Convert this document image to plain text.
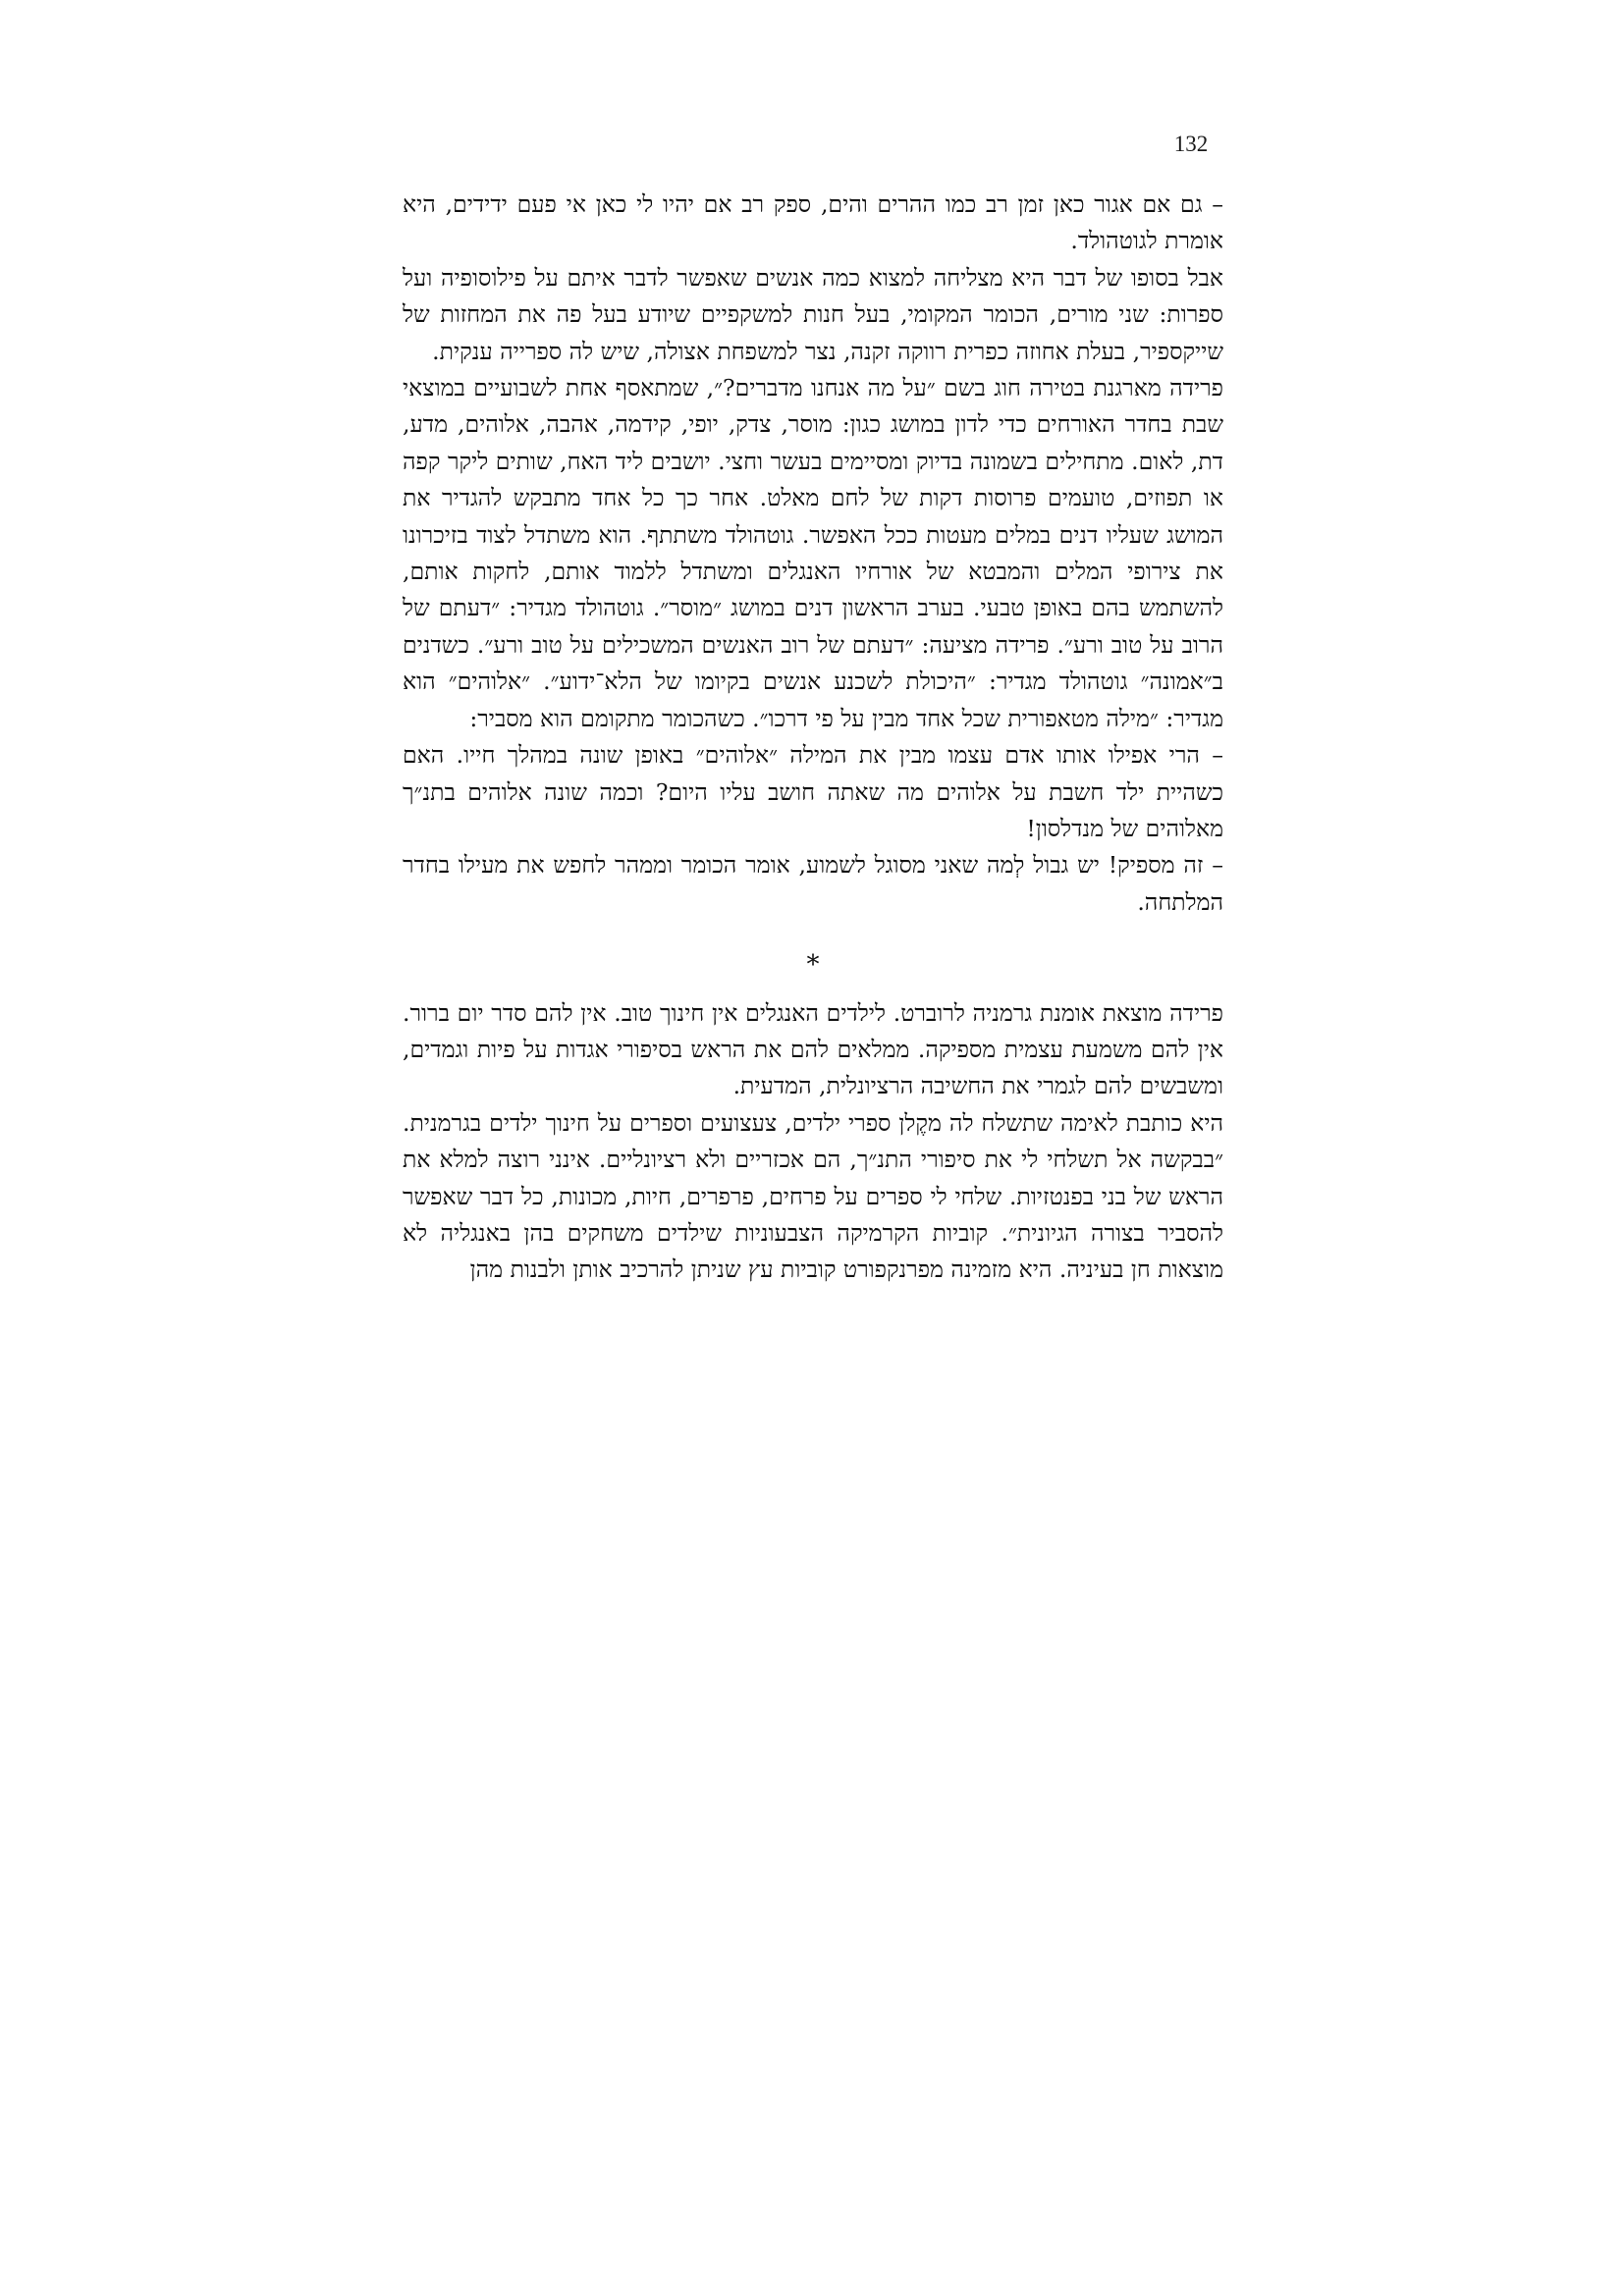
132

– גם אם אגור כאן זמן רב כמו ההרים והים, ספק רב אם יהיו לי כאן אי פעם ידידים, היא אומרת לגוטהולד.

אבל בסופו של דבר היא מצליחה למצוא כמה אנשים שאפשר לדבר איתם על פילוסופיה ועל ספרות: שני מורים, הכומר המקומי, בעל חנות למשקפיים שיודע בעל פה את המחזות של שייקספיר, בעלת אחוזה כפרית רווקה זקנה, נצר למשפחת אצולה, שיש לה ספרייה ענקית.

פרידה מארגנת בטירה חוג בשם ״על מה אנחנו מדברים?״, שמתאסף אחת לשבועיים במוצאי שבת בחדר האורחים כדי לדון במושג כגון: מוסר, צדק, יופי, קידמה, אהבה, אלוהים, מדע, דת, לאום. מתחילים בשמונה בדיוק ומסיימים בעשר וחצי. יושבים ליד האח, שותים ליקר קפה או תפוזים, טועמים פרוסות דקות של לחם מאלט. אחר כך כל אחד מתבקש להגדיר את המושג שעליו דנים במלים מעטות ככל האפשר. גוטהולד משתתף. הוא משתדל לצוד בזיכרונו את צירופי המלים והמבטא של אורחיו האנגלים ומשתדל ללמוד אותם, לחקות אותם, להשתמש בהם באופן טבעי. בערב הראשון דנים במושג ״מוסר״. גוטהולד מגדיר: ״דעתם של הרוב על טוב ורע״. פרידה מציעה: ״דעתם של רוב האנשים המשכילים על טוב ורע״. כשדנים ב״אמונה״ גוטהולד מגדיר: ״היכולת לשכנע אנשים בקיומו של הלא־ידוע״. ״אלוהים״ הוא מגדיר: ״מילה מטאפורית שכל אחד מבין על פי דרכו״. כשהכומר מתקומם הוא מסביר:

– הרי אפילו אותו אדם עצמו מבין את המילה ״אלוהים״ באופן שונה במהלך חייו. האם כשהיית ילד חשבת על אלוהים מה שאתה חושב עליו היום? וכמה שונה אלוהים בתנ״ך מאלוהים של מנדלסון!

– זה מספיק! יש גבול לְמה שאני מסוגל לשמוע, אומר הכומר וממהר לחפש את מעילו בחדר המלתחה.

*

פרידה מוצאת אומנת גרמניה לרוברט. לילדים האנגלים אין חינוך טוב. אין להם סדר יום ברור. אין להם משמעת עצמית מספיקה. ממלאים להם את הראש בסיפורי אגדות על פיות וגמדים, ומשבשים להם לגמרי את החשיבה הרציונלית, המדעית.

היא כותבת לאימה שתשלח לה מקֶלן ספרי ילדים, צעצועים וספרים על חינוך ילדים בגרמנית. ״בבקשה אל תשלחי לי את סיפורי התנ״ך, הם אכזריים ולא רציונליים. אינני רוצה למלא את הראש של בני בפנטזיות. שלחי לי ספרים על פרחים, פרפרים, חיות, מכונות, כל דבר שאפשר להסביר בצורה הגיונית״. קוביות הקרמיקה הצבעוניות שילדים משחקים בהן באנגליה לא מוצאות חן בעיניה. היא מזמינה מפרנקפורט קוביות עץ שניתן להרכיב אותן ולבנות מהן
